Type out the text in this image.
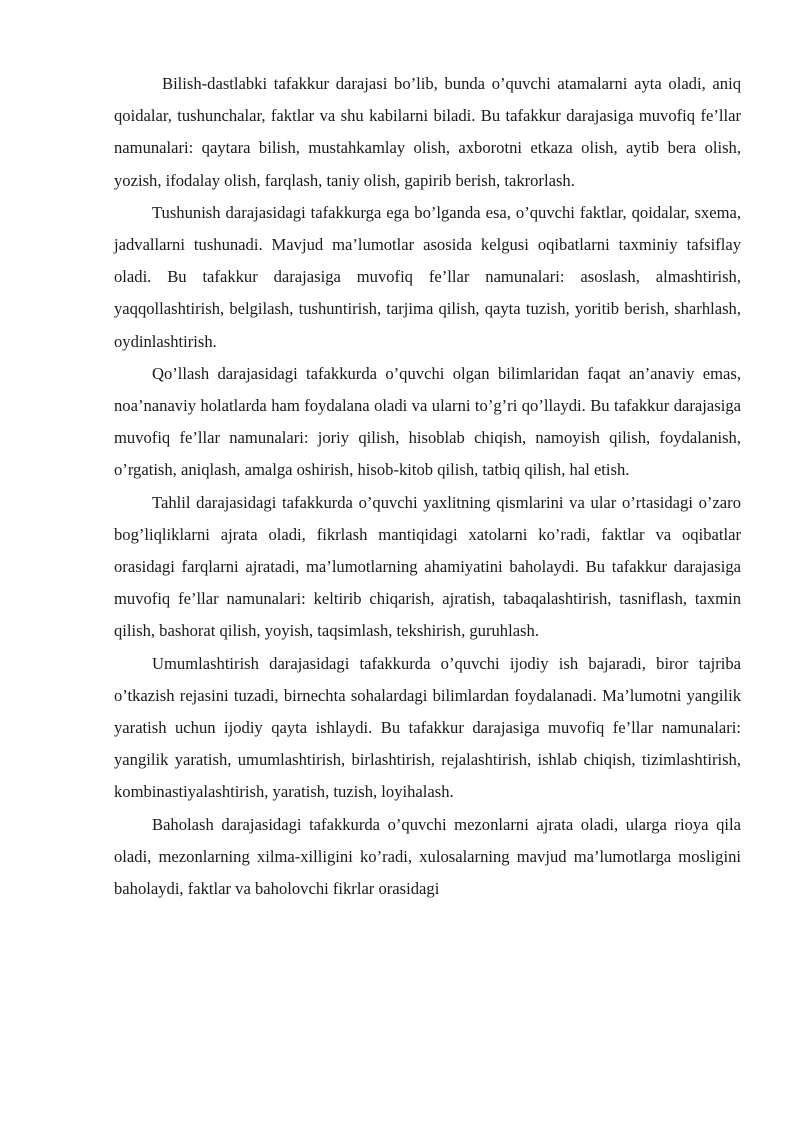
Bilish-dastlabki tafakkur darajasi bo’lib, bunda o’quvchi atamalarni ayta oladi, aniq qoidalar, tushunchalar, faktlar va shu kabilarni biladi. Bu tafakkur darajasiga muvofiq fe’llar namunalari: qaytara bilish, mustahkamlay olish, axborotni etkaza olish, aytib bera olish, yozish, ifodalay olish, farqlash, taniy olish, gapirib berish, takrorlash.

Tushunish darajasidagi tafakkurga ega bo’lganda esa, o’quvchi faktlar, qoidalar, sxema, jadvallarni tushunadi. Mavjud ma’lumotlar asosida kelgusi oqibatlarni taxminiy tafsiflay oladi. Bu tafakkur darajasiga muvofiq fe’llar namunalari: asoslash, almashtirish, yaqqollashtirish, belgilash, tushuntirish, tarjima qilish, qayta tuzish, yoritib berish, sharhlash, oydinlashtirish.

Qo’llash darajasidagi tafakkurda o’quvchi olgan bilimlaridan faqat an’anaviy emas, noa’nanaviy holatlarda ham foydalana oladi va ularni to’g’ri qo’llaydi. Bu tafakkur darajasiga muvofiq fe’llar namunalari: joriy qilish, hisoblab chiqish, namoyish qilish, foydalanish, o’rgatish, aniqlash, amalga oshirish, hisob-kitob qilish, tatbiq qilish, hal etish.

Tahlil darajasidagi tafakkurda o’quvchi yaxlitning qismlarini va ular o’rtasidagi o’zaro bog’liqliklarni ajrata oladi, fikrlash mantiqidagi xatolarni ko’radi, faktlar va oqibatlar orasidagi farqlarni ajratadi, ma’lumotlarning ahamiyatini baholaydi. Bu tafakkur darajasiga muvofiq fe’llar namunalari: keltirib chiqarish, ajratish, tabaqalashtirish, tasniflash, taxmin qilish, bashorat qilish, yoyish, taqsimlash, tekshirish, guruhlash.

Umumlashtirish darajasidagi tafakkurda o’quvchi ijodiy ish bajaradi, biror tajriba o’tkazish rejasini tuzadi, birnechta sohalardagi bilimlardan foydalanadi. Ma’lumotni yangilik yaratish uchun ijodiy qayta ishlaydi. Bu tafakkur darajasiga muvofiq fe’llar namunalari: yangilik yaratish, umumlashtirish, birlashtirish, rejalashtirish, ishlab chiqish, tizimlashtirish, kombinastiyalashtirish, yaratish, tuzish, loyihalash.

Baholash darajasidagi tafakkurda o’quvchi mezonlarni ajrata oladi, ularga rioya qila oladi, mezonlarning xilma-xilligini ko’radi, xulosalarning mavjud ma’lumotlarga mosligini baholaydi, faktlar va baholovchi fikrlar orasidagi
